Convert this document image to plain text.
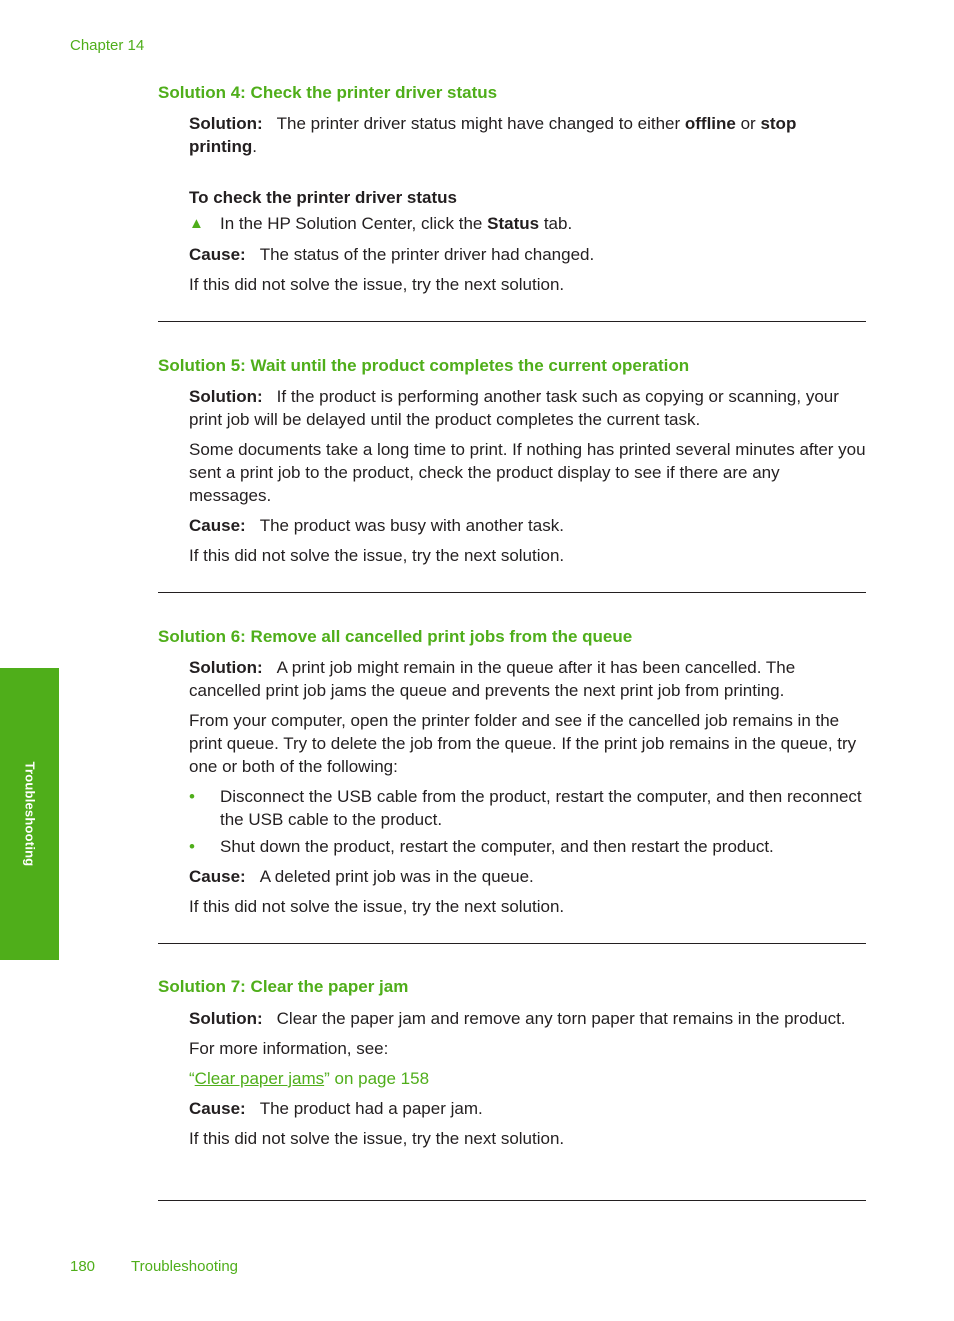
Chapter 14
Troubleshooting
Solution 4: Check the printer driver status

Solution: The printer driver status might have changed to either offline or stop printing.

To check the printer driver status

▲ In the HP Solution Center, click the Status tab.

Cause: The status of the printer driver had changed.

If this did not solve the issue, try the next solution.

Solution 5: Wait until the product completes the current operation

Solution: If the product is performing another task such as copying or scanning, your print job will be delayed until the product completes the current task.

Some documents take a long time to print. If nothing has printed several minutes after you sent a print job to the product, check the product display to see if there are any messages.

Cause: The product was busy with another task.

If this did not solve the issue, try the next solution.

Solution 6: Remove all cancelled print jobs from the queue

Solution: A print job might remain in the queue after it has been cancelled. The cancelled print job jams the queue and prevents the next print job from printing.

From your computer, open the printer folder and see if the cancelled job remains in the print queue. Try to delete the job from the queue. If the print job remains in the queue, try one or both of the following:

•	Disconnect the USB cable from the product, restart the computer, and then reconnect the USB cable to the product.
•	Shut down the product, restart the computer, and then restart the product.

Cause: A deleted print job was in the queue.

If this did not solve the issue, try the next solution.

Solution 7: Clear the paper jam

Solution: Clear the paper jam and remove any torn paper that remains in the product.

For more information, see:

“Clear paper jams” on page 158

Cause: The product had a paper jam.

If this did not solve the issue, try the next solution.

180 Troubleshooting
